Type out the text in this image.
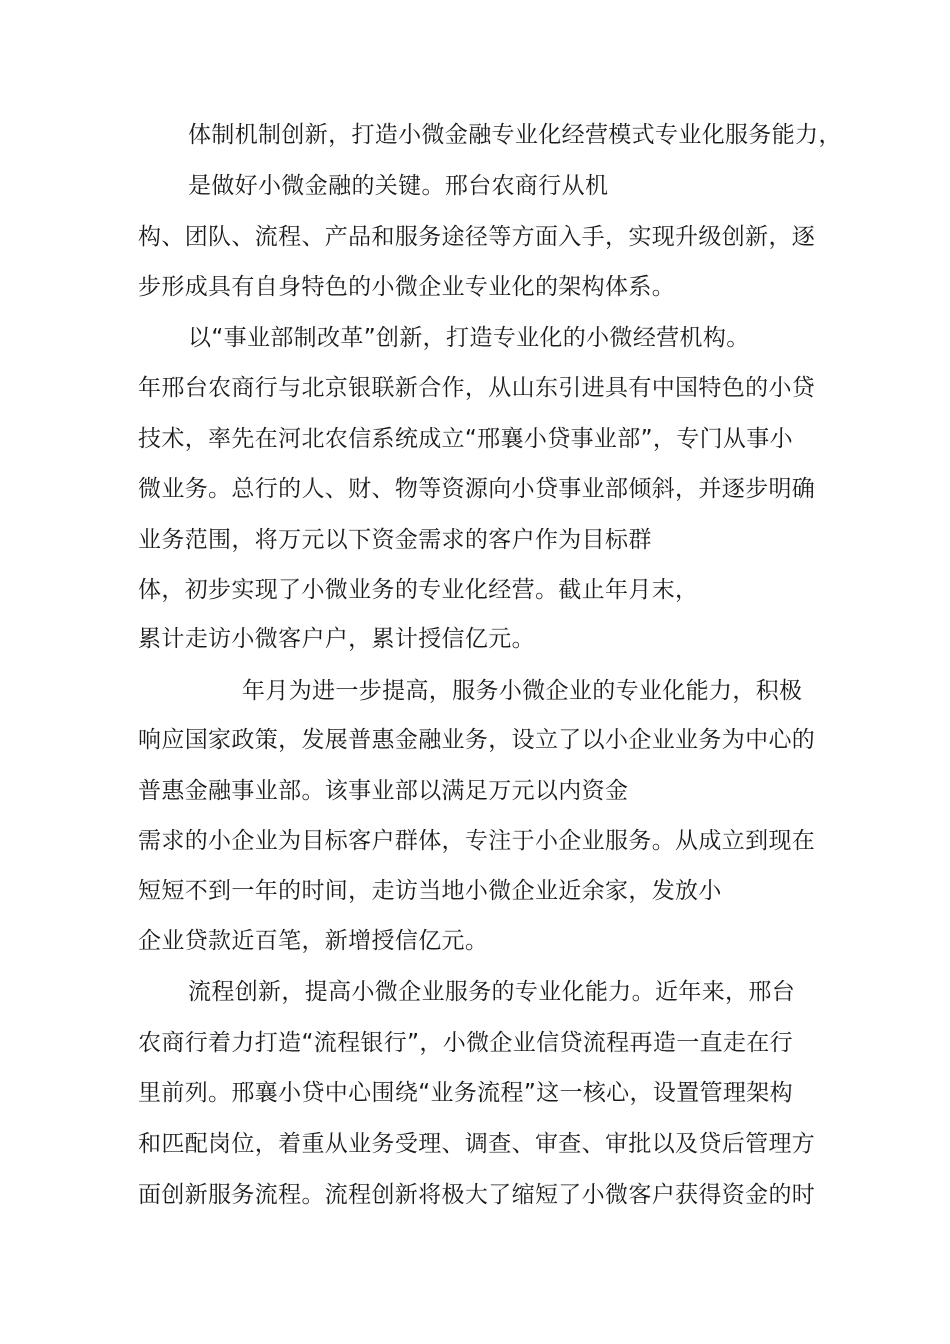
体制机制创新，打造小微金融专业化经营模式专业化服务能力，
是做好小微金融的关键。邢台农商行从机
构、团队、流程、产品和服务途径等方面入手，实现升级创新，逐
步形成具有自身特色的小微企业专业化的架构体系。
以“事业部制改革”创新，打造专业化的小微经营机构。
年邢台农商行与北京银联新合作，从山东引进具有中国特色的小贷
技术，率先在河北农信系统成立“邢襄小贷事业部”，专门从事小
微业务。总行的人、财、物等资源向小贷事业部倾斜，并逐步明确
业务范围，将万元以下资金需求的客户作为目标群
体，初步实现了小微业务的专业化经营。截止年月末，
累计走访小微客户户，累计授信亿元。
年月为进一步提高，服务小微企业的专业化能力，积极
响应国家政策，发展普惠金融业务，设立了以小企业业务为中心的
普惠金融事业部。该事业部以满足万元以内资金
需求的小企业为目标客户群体，专注于小企业服务。从成立到现在
短短不到一年的时间，走访当地小微企业近余家，发放小
企业贷款近百笔，新增授信亿元。
流程创新，提高小微企业服务的专业化能力。近年来，邢台
农商行着力打造“流程银行”，小微企业信贷流程再造一直走在行
里前列。邢襄小贷中心围绕“业务流程”这一核心，设置管理架构
和匹配岗位，着重从业务受理、调查、审查、审批以及贷后管理方
面创新服务流程。流程创新将极大了缩短了小微客户获得资金的时
